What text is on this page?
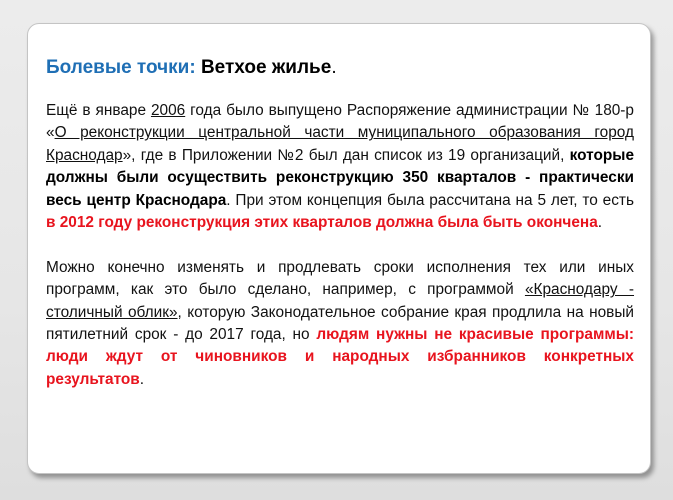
Болевые точки: Ветхое жилье.

Ещё в январе 2006 года было выпущено Распоряжение администрации № 180-р «О реконструкции центральной части муниципального образования город Краснодар», где в Приложении №2 был дан список из 19 организаций, которые должны были осуществить реконструкцию 350 кварталов - практически весь центр Краснодара. При этом концепция была рассчитана на 5 лет, то есть в 2012 году реконструкция этих кварталов должна была быть окончена.

Можно конечно изменять и продлевать сроки исполнения тех или иных программ, как это было сделано, например, с программой «Краснодару - столичный облик», которую Законодательное собрание края продлила на новый пятилетний срок - до 2017 года, но людям нужны не красивые программы: люди ждут от чиновников и народных избранников конкретных результатов.
